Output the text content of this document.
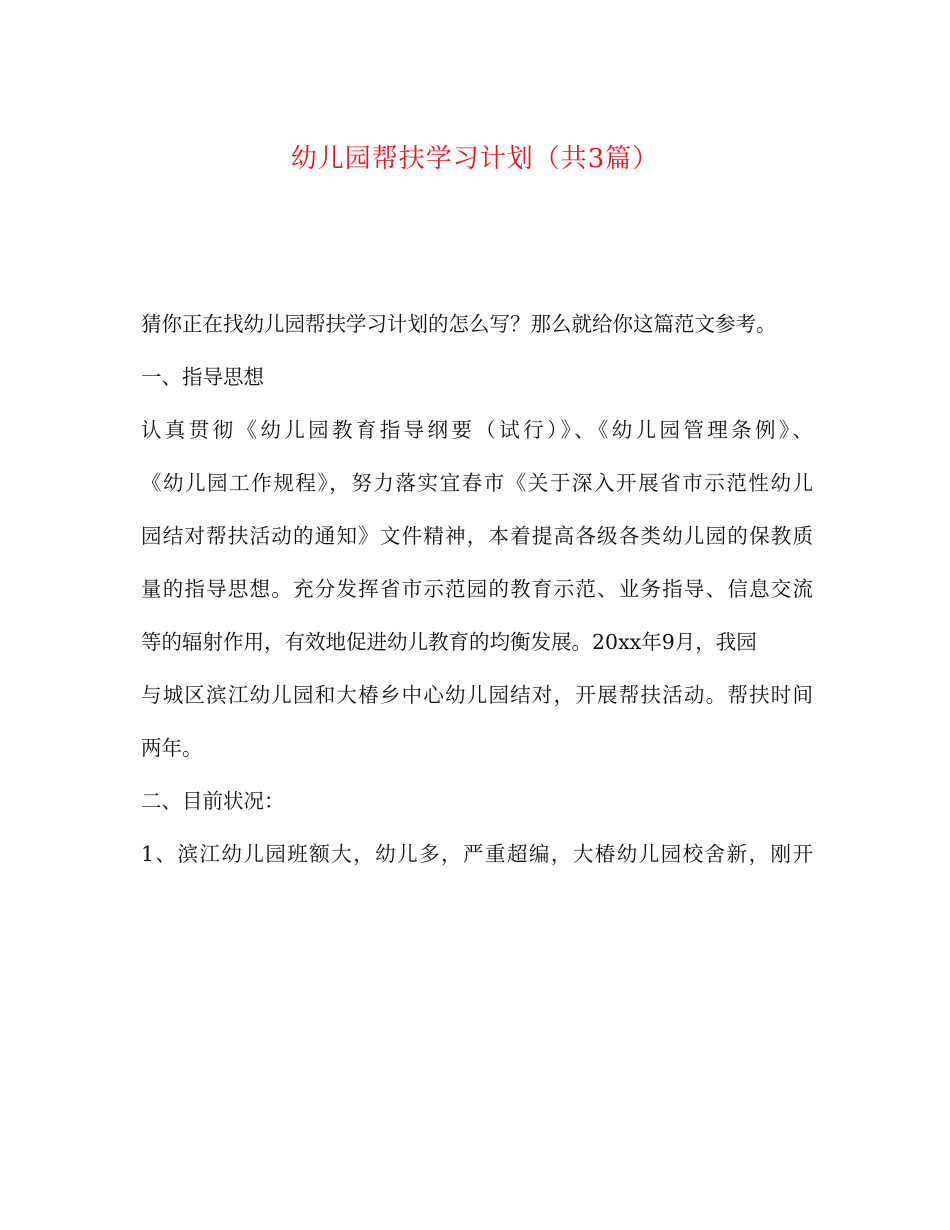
幼儿园帮扶学习计划（共3篇）
猜你正在找幼儿园帮扶学习计划的怎么写？那么就给你这篇范文参考。
一、指导思想
认真贯彻《幼儿园教育指导纲要（试行）》、《幼儿园管理条例》、
《幼儿园工作规程》，努力落实宜春市《关于深入开展省市示范性幼儿
园结对帮扶活动的通知》文件精神，本着提高各级各类幼儿园的保教质
量的指导思想。充分发挥省市示范园的教育示范、业务指导、信息交流
等的辐射作用，有效地促进幼儿教育的均衡发展。20xx年9月，我园
与城区滨江幼儿园和大椿乡中心幼儿园结对，开展帮扶活动。帮扶时间
两年。
二、目前状况：
1、滨江幼儿园班额大，幼儿多，严重超编，大椿幼儿园校舍新，刚开
